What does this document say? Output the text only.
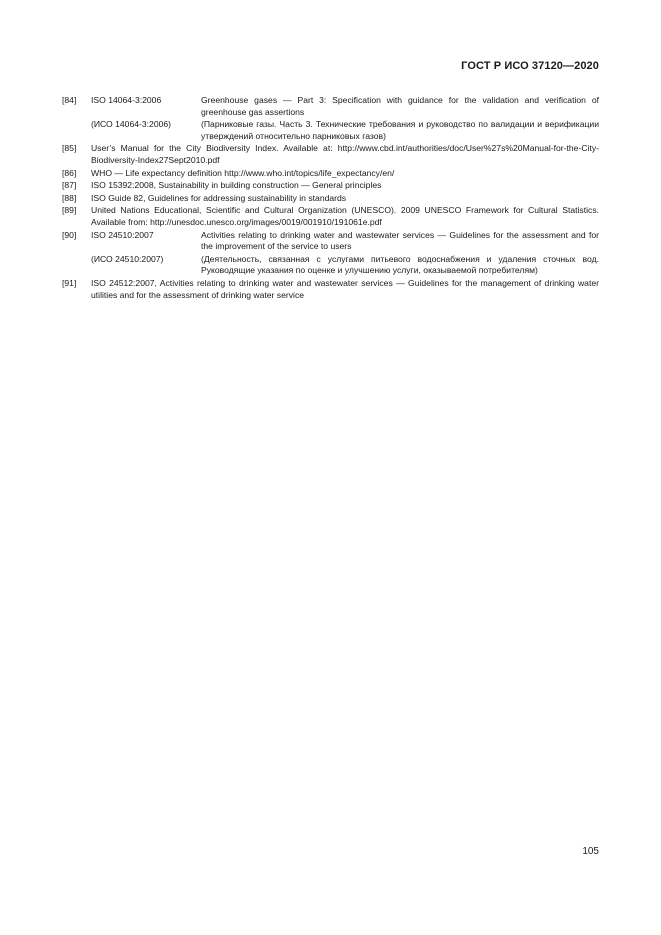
ГОСТ Р ИСО 37120—2020
[84]	ISO 14064-3:2006	Greenhouse gases — Part 3: Specification with guidance for the validation and verification of greenhouse gas assertions
(ИСО 14064-3:2006)	(Парниковые газы. Часть 3. Технические требования и руководство по валидации и верификации утверждений относительно парниковых газов)
[85]	User’s Manual for the City Biodiversity Index. Available at: http://www.cbd.int/authorities/doc/User%27s%20Manual-for-the-City-Biodiversity-Index27Sept2010.pdf
[86]	WHO — Life expectancy definition http://www.who.int/topics/life_expectancy/en/
[87]	ISO 15392:2008, Sustainability in building construction — General principles
[88]	ISO Guide 82, Guidelines for addressing sustainability in standards
[89]	United Nations Educational, Scientific and Cultural Organization (UNESCO). 2009 UNESCO Framework for Cultural Statistics. Available from: http://unesdoc.unesco.org/images/0019/001910/191061e.pdf
[90]	ISO 24510:2007	Activities relating to drinking water and wastewater services — Guidelines for the assessment and for the improvement of the service to users
(ИСО 24510:2007)	(Деятельность, связанная с услугами питьевого водоснабжения и удаления сточных вод. Руководящие указания по оценке и улучшению услуги, оказываемой потребителям)
[91]	ISO 24512:2007, Activities relating to drinking water and wastewater services — Guidelines for the management of drinking water utilities and for the assessment of drinking water service
105
